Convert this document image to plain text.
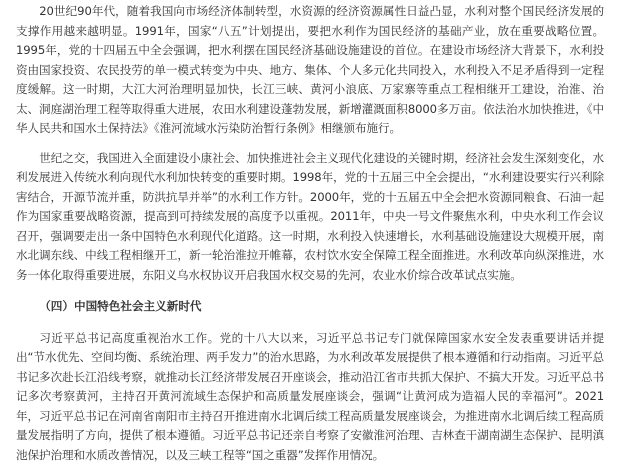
20世纪90年代，随着我国向市场经济体制转型，水资源的经济资源属性日益凸显，水利对整个国民经济发展的支撑作用越来越明显。1991年，国家“八五”计划提出，要把水利作为国民经济的基础产业，放在重要战略位置。1995年，党的十四届五中全会强调，把水利摆在国民经济基础设施建设的首位。在建设市场经济大背景下，水利投资由国家投资、农民投劳的单一模式转变为中央、地方、集体、个人多元化共同投入，水利投入不足矛盾得到一定程度缓解。这一时期，大江大河治理明显加快，长江三峡、黄河小浪底、万家寨等重点工程相继开工建设，治淮、治太、洞庭湖治理工程等取得重大进展，农田水利建设蓬勃发展，新增灌溉面积8000多万亩。依法治水加快推进，《中华人民共和国水土保持法》《淮河流域水污染防治暂行条例》相继颁布施行。

世纪之交，我国进入全面建设小康社会、加快推进社会主义现代化建设的关键时期，经济社会发生深刻变化，水利发展进入传统水利向现代水利加快转变的重要时期。1998年，党的十五届三中全会提出，“水利建设要实行兴利除害结合，开源节流并重，防洪抗旱并举”的水利工作方针。2000年，党的十五届五中全会把水资源同粮食、石油一起作为国家重要战略资源，提高到可持续发展的高度予以重视。2011年，中央一号文件聚焦水利，中央水利工作会议召开，强调要走出一条中国特色水利现代化道路。这一时期，水利投入快速增长，水利基础设施建设大规模开展，南水北调东线、中线工程相继开工，新一轮治淮拉开帷幕，农村饮水安全保障工程全面推进。水利改革向纵深推进，水务一体化取得重要进展，东阳义乌水权协议开启我国水权交易的先河，农业水价综合改革试点实施。

（四）中国特色社会主义新时代

习近平总书记高度重视治水工作。党的十八大以来，习近平总书记专门就保障国家水安全发表重要讲话并提出“节水优先、空间均衡、系统治理、两手发力”的治水思路，为水利改革发展提供了根本遵循和行动指南。习近平总书记多次赴长江沿线考察，就推动长江经济带发展召开座谈会，推动沿江省市共抓大保护、不搞大开发。习近平总书记多次考察黄河，主持召开黄河流域生态保护和高质量发展座谈会，强调“让黄河成为造福人民的幸福河”。2021年，习近平总书记在河南省南阳市主持召开推进南水北调后续工程高质量发展座谈会，为推进南水北调后续工程高质量发展指明了方向，提供了根本遵循。习近平总书记还亲自考察了安徽淮河治理、吉林查干湖南湖生态保护、昆明滇池保护治理和水质改善情况，以及三峡工程等“国之重器”发挥作用情况。
